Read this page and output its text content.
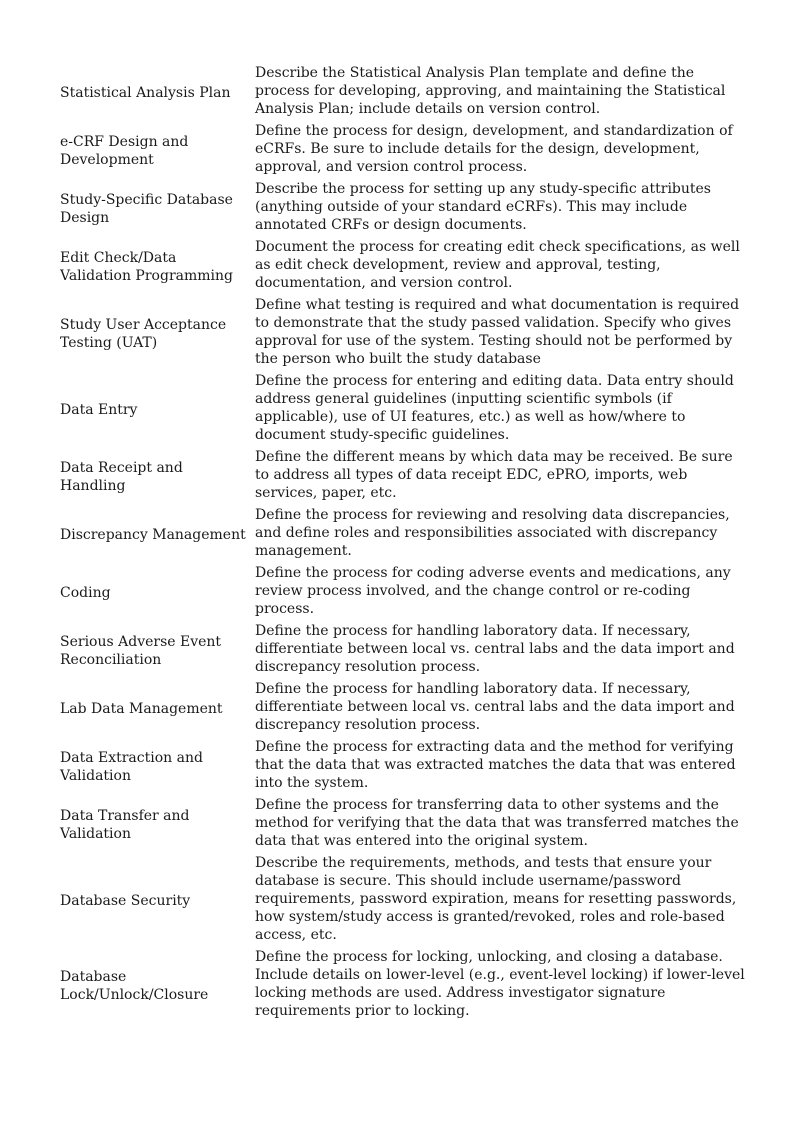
Statistical Analysis Plan
Describe the Statistical Analysis Plan template and define the process for developing, approving, and maintaining the Statistical Analysis Plan; include details on version control.
e-CRF Design and Development
Define the process for design, development, and standardization of eCRFs. Be sure to include details for the design, development, approval, and version control process.
Study-Specific Database Design
Describe the process for setting up any study-specific attributes (anything outside of your standard eCRFs). This may include annotated CRFs or design documents.
Edit Check/Data Validation Programming
Document the process for creating edit check specifications, as well as edit check development, review and approval, testing, documentation, and version control.
Study User Acceptance Testing (UAT)
Define what testing is required and what documentation is required to demonstrate that the study passed validation. Specify who gives approval for use of the system. Testing should not be performed by the person who built the study database
Data Entry
Define the process for entering and editing data. Data entry should address general guidelines (inputting scientific symbols (if applicable), use of UI features, etc.) as well as how/where to document study-specific guidelines.
Data Receipt and Handling
Define the different means by which data may be received. Be sure to address all types of data receipt EDC, ePRO, imports, web services, paper, etc.
Discrepancy Management
Define the process for reviewing and resolving data discrepancies, and define roles and responsibilities associated with discrepancy management.
Coding
Define the process for coding adverse events and medications, any review process involved, and the change control or re-coding process.
Serious Adverse Event Reconciliation
Define the process for handling laboratory data. If necessary, differentiate between local vs. central labs and the data import and discrepancy resolution process.
Lab Data Management
Define the process for handling laboratory data. If necessary, differentiate between local vs. central labs and the data import and discrepancy resolution process.
Data Extraction and Validation
Define the process for extracting data and the method for verifying that the data that was extracted matches the data that was entered into the system.
Data Transfer and Validation
Define the process for transferring data to other systems and the method for verifying that the data that was transferred matches the data that was entered into the original system.
Database Security
Describe the requirements, methods, and tests that ensure your database is secure. This should include username/password requirements, password expiration, means for resetting passwords, how system/study access is granted/revoked, roles and role-based access, etc.
Database Lock/Unlock/Closure
Define the process for locking, unlocking, and closing a database. Include details on lower-level (e.g., event-level locking) if lower-level locking methods are used. Address investigator signature requirements prior to locking.
